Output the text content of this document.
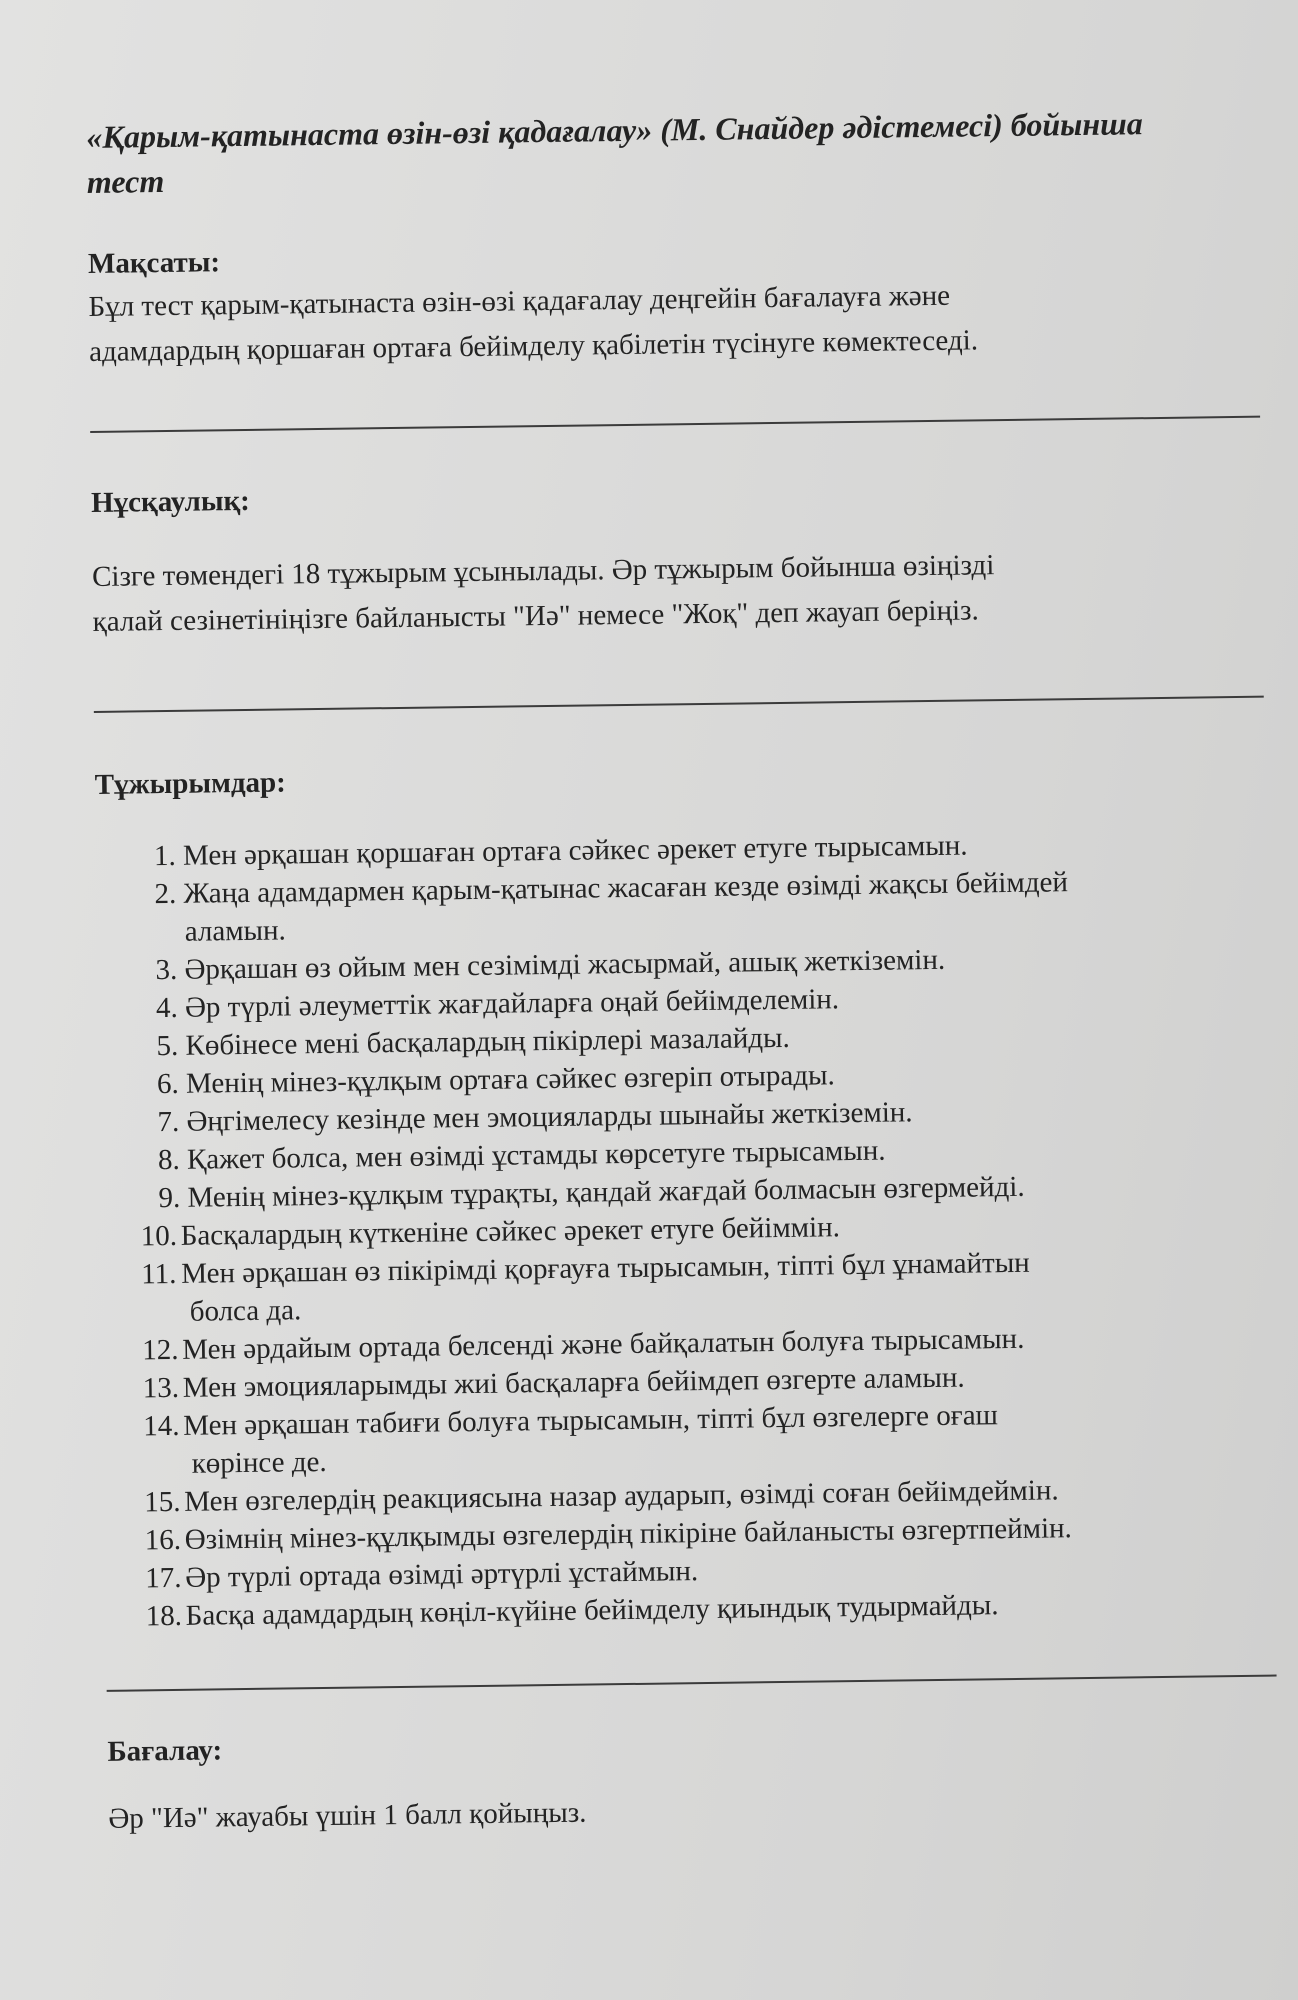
«Қарым-қатынаста өзін-өзі қадағалау» (М. Снайдер әдістемесі) бойынша

тест

Мақсаты:

Бұл тест қарым-қатынаста өзін-өзі қадағалау деңгейін бағалауға және

адамдардың қоршаған ортаға бейімделу қабілетін түсінуге көмектеседі.

Нұсқаулық:

Сізге төмендегі 18 тұжырым ұсынылады. Әр тұжырым бойынша өзіңізді

қалай сезінетініңізге байланысты "Иә" немесе "Жоқ" деп жауап беріңіз.

Тұжырымдар:

1. Мен әрқашан қоршаған ортаға сәйкес әрекет етуге тырысамын.
2. Жаңа адамдармен қарым-қатынас жасаған кезде өзімді жақсы бейімдей
аламын.
3. Әрқашан өз ойым мен сезімімді жасырмай, ашық жеткіземін.
4. Әр түрлі әлеуметтік жағдайларға оңай бейімделемін.
5. Көбінесе мені басқалардың пікірлері мазалайды.
6. Менің мінез-құлқым ортаға сәйкес өзгеріп отырады.
7. Әңгімелесу кезінде мен эмоцияларды шынайы жеткіземін.
8. Қажет болса, мен өзімді ұстамды көрсетуге тырысамын.
9. Менің мінез-құлқым тұрақты, қандай жағдай болмасын өзгермейді.
10. Басқалардың күткеніне сәйкес әрекет етуге бейіммін.
11. Мен әрқашан өз пікірімді қорғауға тырысамын, тіпті бұл ұнамайтын
болса да.
12. Мен әрдайым ортада белсенді және байқалатын болуға тырысамын.
13. Мен эмоцияларымды жиі басқаларға бейімдеп өзгерте аламын.
14. Мен әрқашан табиғи болуға тырысамын, тіпті бұл өзгелерге оғаш
көрінсе де.
15. Мен өзгелердің реакциясына назар аударып, өзімді соған бейімдеймін.
16. Өзімнің мінез-құлқымды өзгелердің пікіріне байланысты өзгертпеймін.
17. Әр түрлі ортада өзімді әртүрлі ұстаймын.
18. Басқа адамдардың көңіл-күйіне бейімделу қиындық тудырмайды.

Бағалау:

Әр "Иә" жауабы үшін 1 балл қойыңыз.
